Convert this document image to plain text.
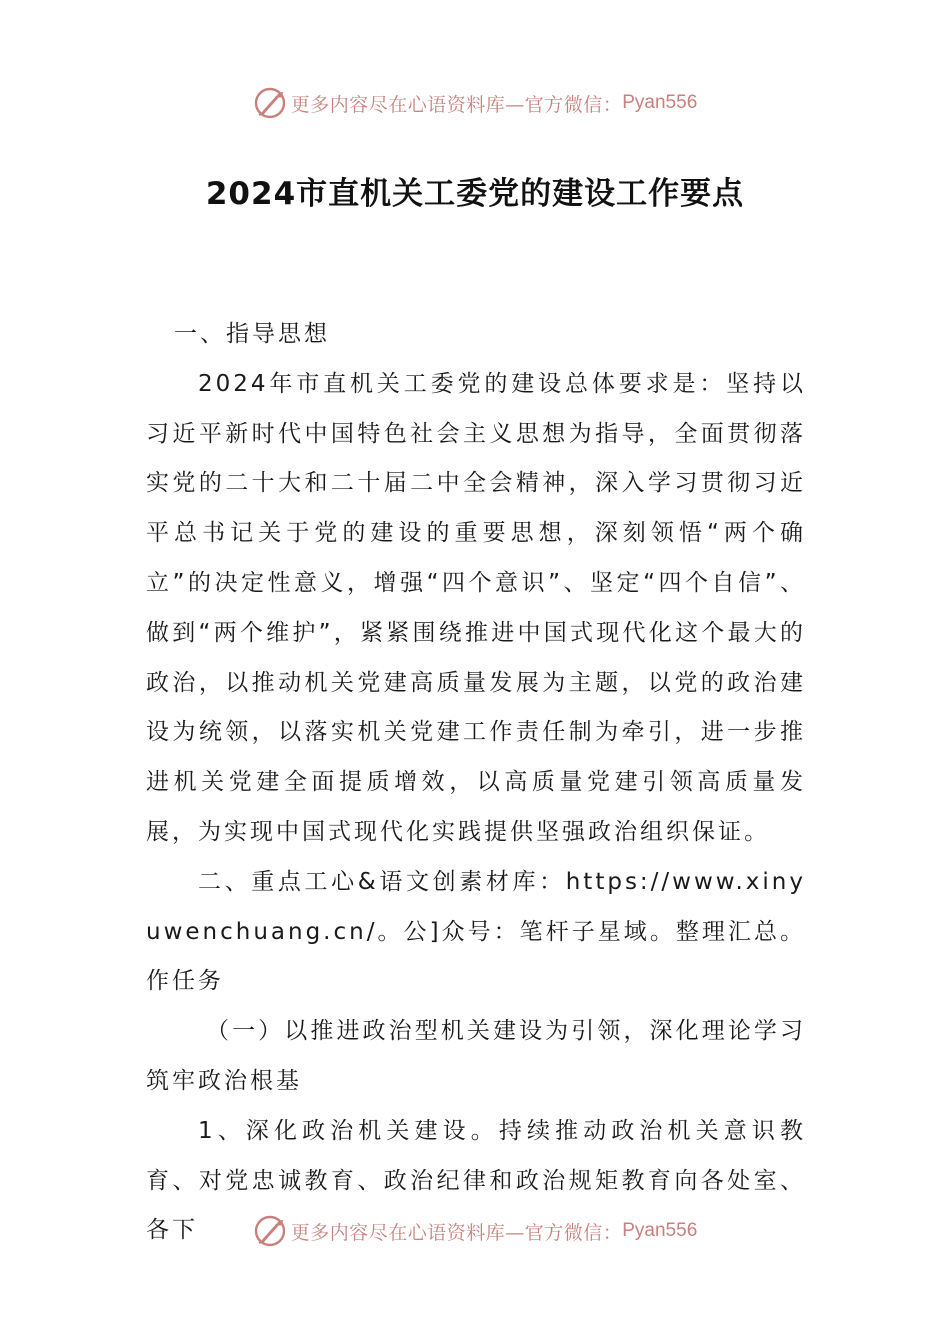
更多内容尽在心语资料库—官方微信： Pyan556
2024市直机关工委党的建设工作要点

一、指导思想

2024年市直机关工委党的建设总体要求是：坚持以习近平新时代中国特色社会主义思想为指导，全面贯彻落实党的二十大和二十届二中全会精神，深入学习贯彻习近平总书记关于党的建设的重要思想，深刻领悟“两个确立”的决定性意义，增强“四个意识”、坚定“四个自信”、做到“两个维护”，紧紧围绕推进中国式现代化这个最大的政治，以推动机关党建高质量发展为主题，以党的政治建设为统领，以落实机关党建工作责任制为牵引，进一步推进机关党建全面提质增效，以高质量党建引领高质量发展，为实现中国式现代化实践提供坚强政治组织保证。

二、重点工心&语文创素材库：https://www.xinyuwenchuang.cn/。公]众号：笔杆子星域。整理汇总。作任务

（一）以推进政治型机关建设为引领，深化理论学习筑牢政治根基

1、深化政治机关建设。持续推动政治机关意识教育、对党忠诚教育、政治纪律和政治规矩教育向各处室、各下	更多内容尽在心语资料库—官方微信： Pyan556
